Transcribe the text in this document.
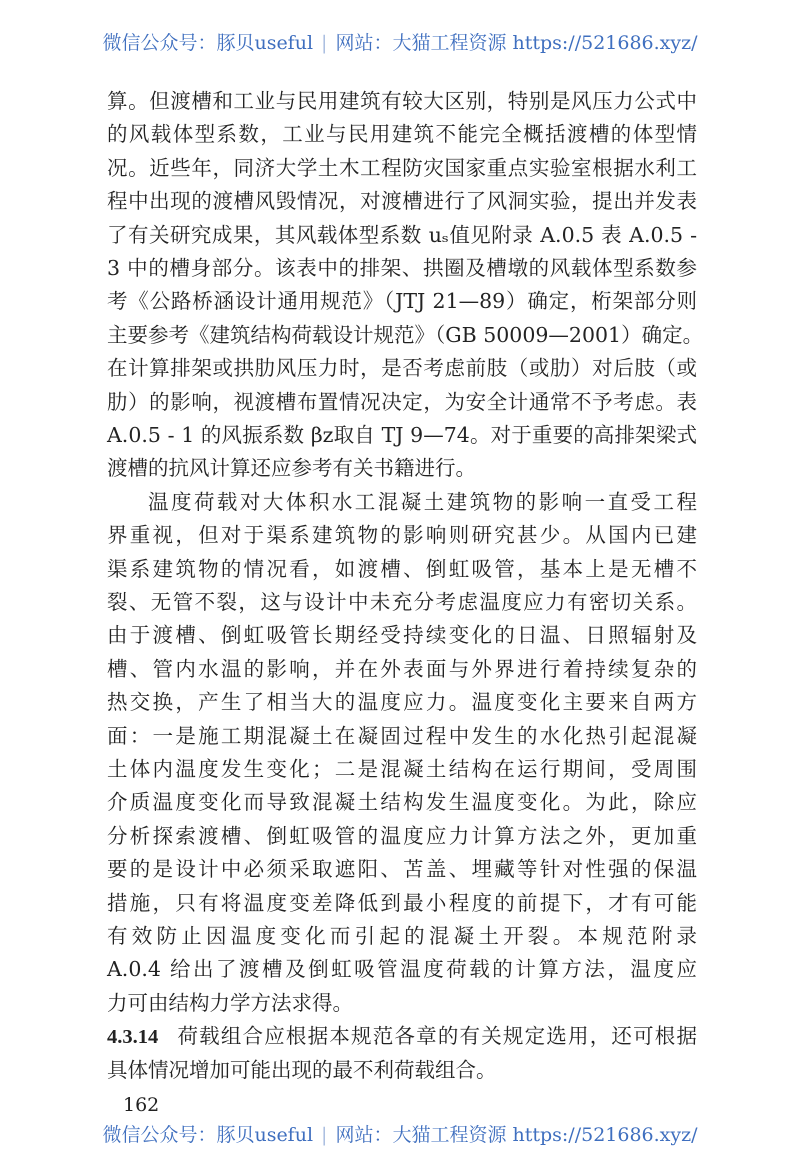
微信公众号：豚贝useful | 网站：大猫工程资源 https://521686.xyz/
算。但渡槽和工业与民用建筑有较大区别，特别是风压力公式中
的风载体型系数，工业与民用建筑不能完全概括渡槽的体型情
况。近些年，同济大学土木工程防灾国家重点实验室根据水利工
程中出现的渡槽风毁情况，对渡槽进行了风洞实验，提出并发表
了有关研究成果，其风载体型系数 uₛ值见附录 A.0.5 表 A.0.5 -
3 中的槽身部分。该表中的排架、拱圈及槽墩的风载体型系数参
考《公路桥涵设计通用规范》（JTJ 21—89）确定，桁架部分则
主要参考《建筑结构荷载设计规范》（GB 50009—2001）确定。
在计算排架或拱肋风压力时，是否考虑前肢（或肋）对后肢（或
肋）的影响，视渡槽布置情况决定，为安全计通常不予考虑。表
A.0.5 - 1 的风振系数 βz取自 TJ 9—74。对于重要的高排架梁式
渡槽的抗风计算还应参考有关书籍进行。
温度荷载对大体积水工混凝土建筑物的影响一直受工程
界重视，但对于渠系建筑物的影响则研究甚少。从国内已建
渠系建筑物的情况看，如渡槽、倒虹吸管，基本上是无槽不
裂、无管不裂，这与设计中未充分考虑温度应力有密切关系。
由于渡槽、倒虹吸管长期经受持续变化的日温、日照辐射及
槽、管内水温的影响，并在外表面与外界进行着持续复杂的
热交换，产生了相当大的温度应力。温度变化主要来自两方
面：一是施工期混凝土在凝固过程中发生的水化热引起混凝
土体内温度发生变化；二是混凝土结构在运行期间，受周围
介质温度变化而导致混凝土结构发生温度变化。为此，除应
分析探索渡槽、倒虹吸管的温度应力计算方法之外，更加重
要的是设计中必须采取遮阳、苫盖、埋藏等针对性强的保温
措施，只有将温度变差降低到最小程度的前提下，才有可能
有效防止因温度变化而引起的混凝土开裂。本规范附录
A.0.4 给出了渡槽及倒虹吸管温度荷载的计算方法，温度应
力可由结构力学方法求得。
4.3.14 荷载组合应根据本规范各章的有关规定选用，还可根据
具体情况增加可能出现的最不利荷载组合。
162
微信公众号：豚贝useful | 网站：大猫工程资源 https://521686.xyz/
